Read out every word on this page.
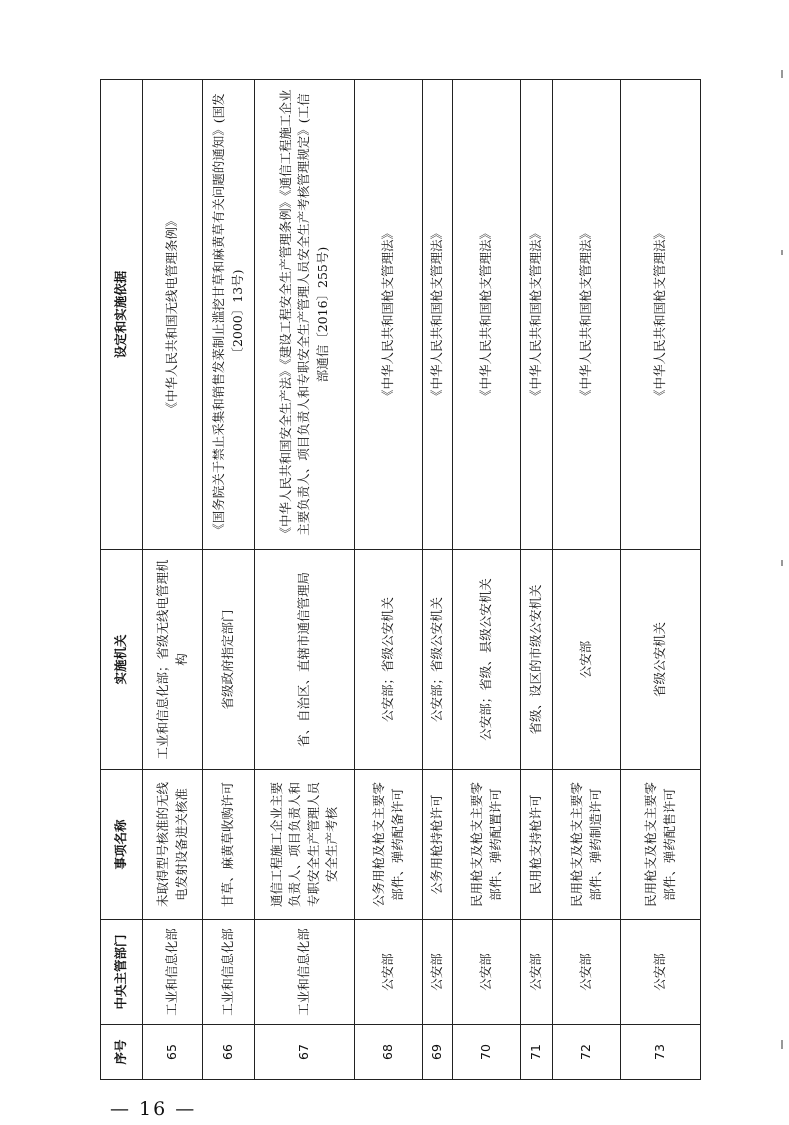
序号	中央主管部门	事项名称	实施机关	设定和实施依据
65	工业和信息化部	未取得型号核准的无线电发射设备进关核准	工业和信息化部；省级无线电管理机构	《中华人民共和国无线电管理条例》
66	工业和信息化部	甘草、麻黄草收购许可	省级政府指定部门	《国务院关于禁止采集和销售发菜制止滥挖甘草和麻黄草有关问题的通知》(国发〔2000〕13号)
67	工业和信息化部	通信工程施工企业主要负责人、项目负责人和专职安全生产管理人员安全生产考核	省、自治区、直辖市通信管理局	《中华人民共和国安全生产法》《建设工程安全生产管理条例》《通信工程施工企业主要负责人、项目负责人和专职安全生产管理人员安全生产考核管理规定》(工信部通信〔2016〕255号)
68	公安部	公务用枪及枪支主要零部件、弹药配备许可	公安部；省级公安机关	《中华人民共和国枪支管理法》
69	公安部	公务用枪持枪许可	公安部；省级公安机关	《中华人民共和国枪支管理法》
70	公安部	民用枪支及枪支主要零部件、弹药配置许可	公安部；省级、县级公安机关	《中华人民共和国枪支管理法》
71	公安部	民用枪支持枪许可	省级、设区的市级公安机关	《中华人民共和国枪支管理法》
72	公安部	民用枪支及枪支主要零部件、弹药制造许可	公安部	《中华人民共和国枪支管理法》
73	公安部	民用枪支及枪支主要零部件、弹药配售许可	省级公安机关	《中华人民共和国枪支管理法》
— 16 —
